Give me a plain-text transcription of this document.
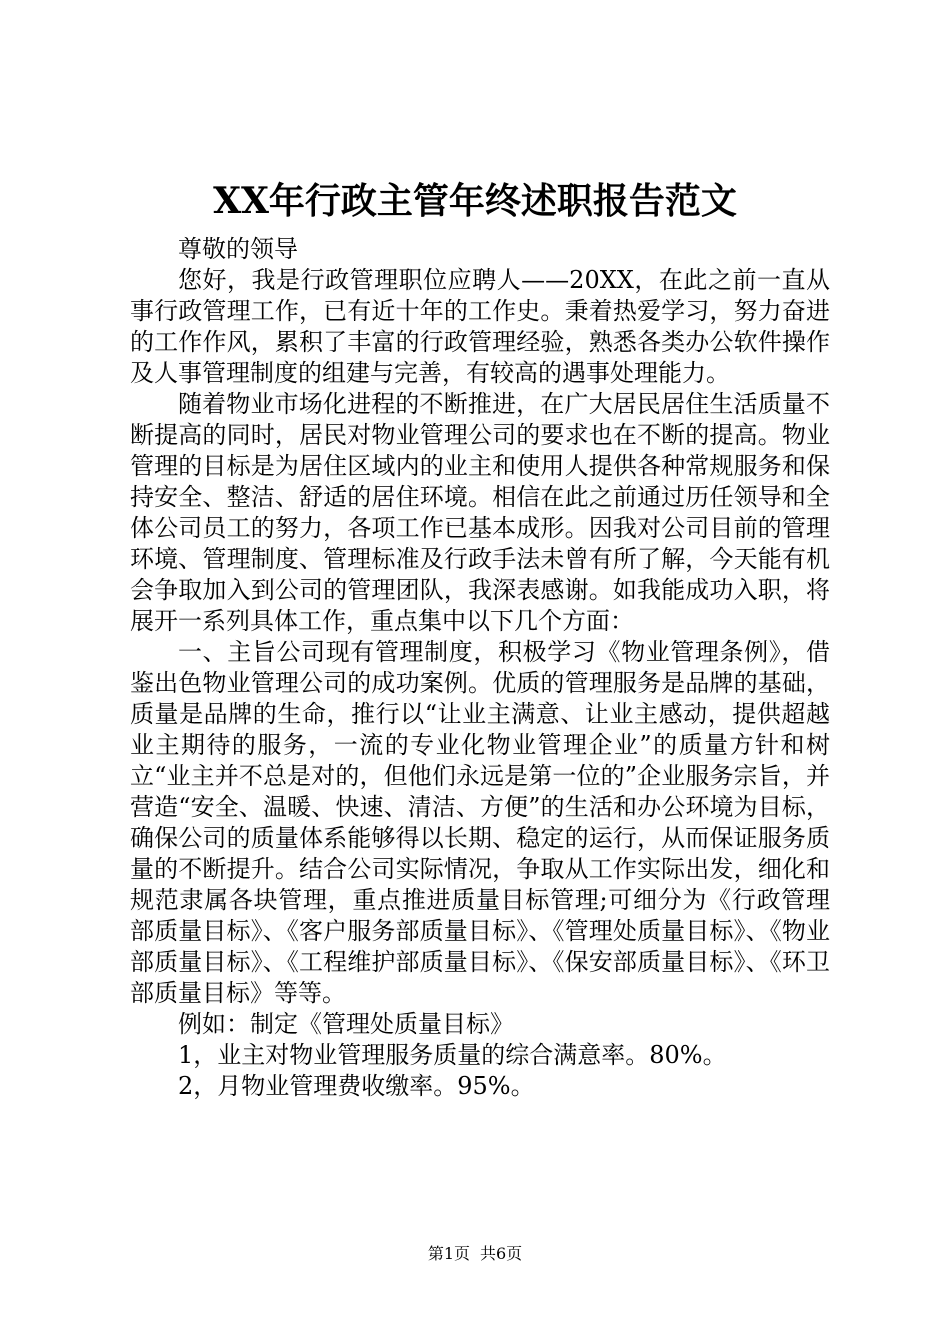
XX年行政主管年终述职报告范文

尊敬的领导

您好，我是行政管理职位应聘人——20XX，在此之前一直从事行政管理工作，已有近十年的工作史。秉着热爱学习，努力奋进的工作作风，累积了丰富的行政管理经验，熟悉各类办公软件操作及人事管理制度的组建与完善，有较高的遇事处理能力。

随着物业市场化进程的不断推进，在广大居民居住生活质量不断提高的同时，居民对物业管理公司的要求也在不断的提高。物业管理的目标是为居住区域内的业主和使用人提供各种常规服务和保持安全、整洁、舒适的居住环境。相信在此之前通过历任领导和全体公司员工的努力，各项工作已基本成形。因我对公司目前的管理环境、管理制度、管理标准及行政手法未曾有所了解，今天能有机会争取加入到公司的管理团队，我深表感谢。如我能成功入职，将展开一系列具体工作，重点集中以下几个方面：

一、主旨公司现有管理制度，积极学习《物业管理条例》，借鉴出色物业管理公司的成功案例。优质的管理服务是品牌的基础，质量是品牌的生命，推行以“让业主满意、让业主感动，提供超越业主期待的服务，一流的专业化物业管理企业”的质量方针和树立“业主并不总是对的，但他们永远是第一位的”企业服务宗旨，并营造“安全、温暖、快速、清洁、方便”的生活和办公环境为目标，确保公司的质量体系能够得以长期、稳定的运行，从而保证服务质量的不断提升。结合公司实际情况，争取从工作实际出发，细化和规范隶属各块管理，重点推进质量目标管理;可细分为《行政管理部质量目标》、《客户服务部质量目标》、《管理处质量目标》、《物业部质量目标》、《工程维护部质量目标》、《保安部质量目标》、《环卫部质量目标》等等。

例如：制定《管理处质量目标》

1，业主对物业管理服务质量的综合满意率。80%。

2，月物业管理费收缴率。95%。

第1页 共6页
